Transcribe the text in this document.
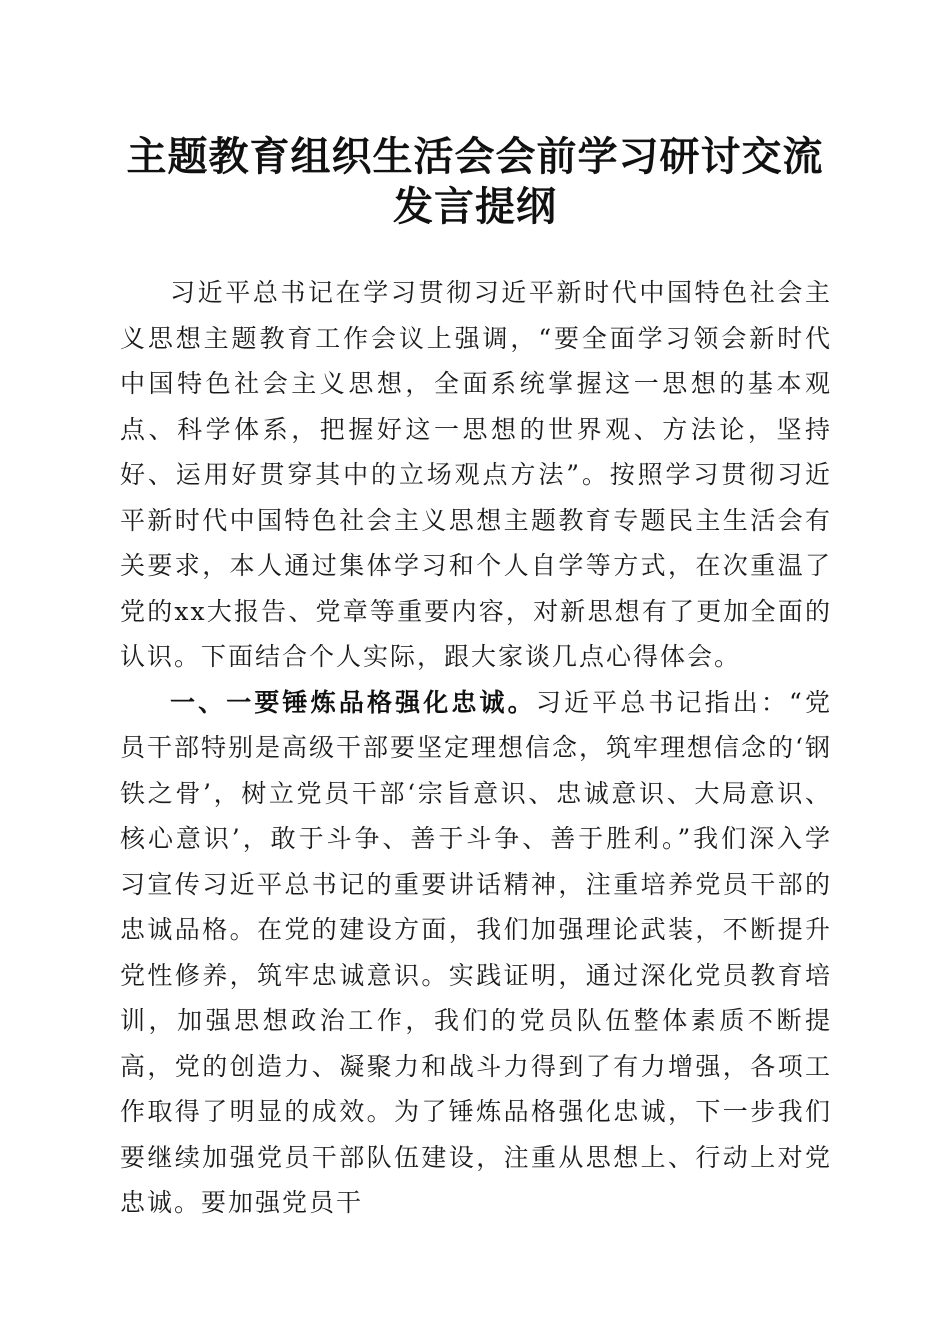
主题教育组织生活会会前学习研讨交流发言提纲

习近平总书记在学习贯彻习近平新时代中国特色社会主义思想主题教育工作会议上强调，“要全面学习领会新时代中国特色社会主义思想，全面系统掌握这一思想的基本观点、科学体系，把握好这一思想的世界观、方法论，坚持好、运用好贯穿其中的立场观点方法”。按照学习贯彻习近平新时代中国特色社会主义思想主题教育专题民主生活会有关要求，本人通过集体学习和个人自学等方式，在次重温了党的xx大报告、党章等重要内容，对新思想有了更加全面的认识。下面结合个人实际，跟大家谈几点心得体会。

一、一要锤炼品格强化忠诚。习近平总书记指出：“党员干部特别是高级干部要坚定理想信念，筑牢理想信念的‘钢铁之骨’，树立党员干部‘宗旨意识、忠诚意识、大局意识、核心意识’，敢于斗争、善于斗争、善于胜利。”我们深入学习宣传习近平总书记的重要讲话精神，注重培养党员干部的忠诚品格。在党的建设方面，我们加强理论武装，不断提升党性修养，筑牢忠诚意识。实践证明，通过深化党员教育培训，加强思想政治工作，我们的党员队伍整体素质不断提高，党的创造力、凝聚力和战斗力得到了有力增强，各项工作取得了明显的成效。为了锤炼品格强化忠诚，下一步我们要继续加强党员干部队伍建设，注重从思想上、行动上对党忠诚。要加强党员干
